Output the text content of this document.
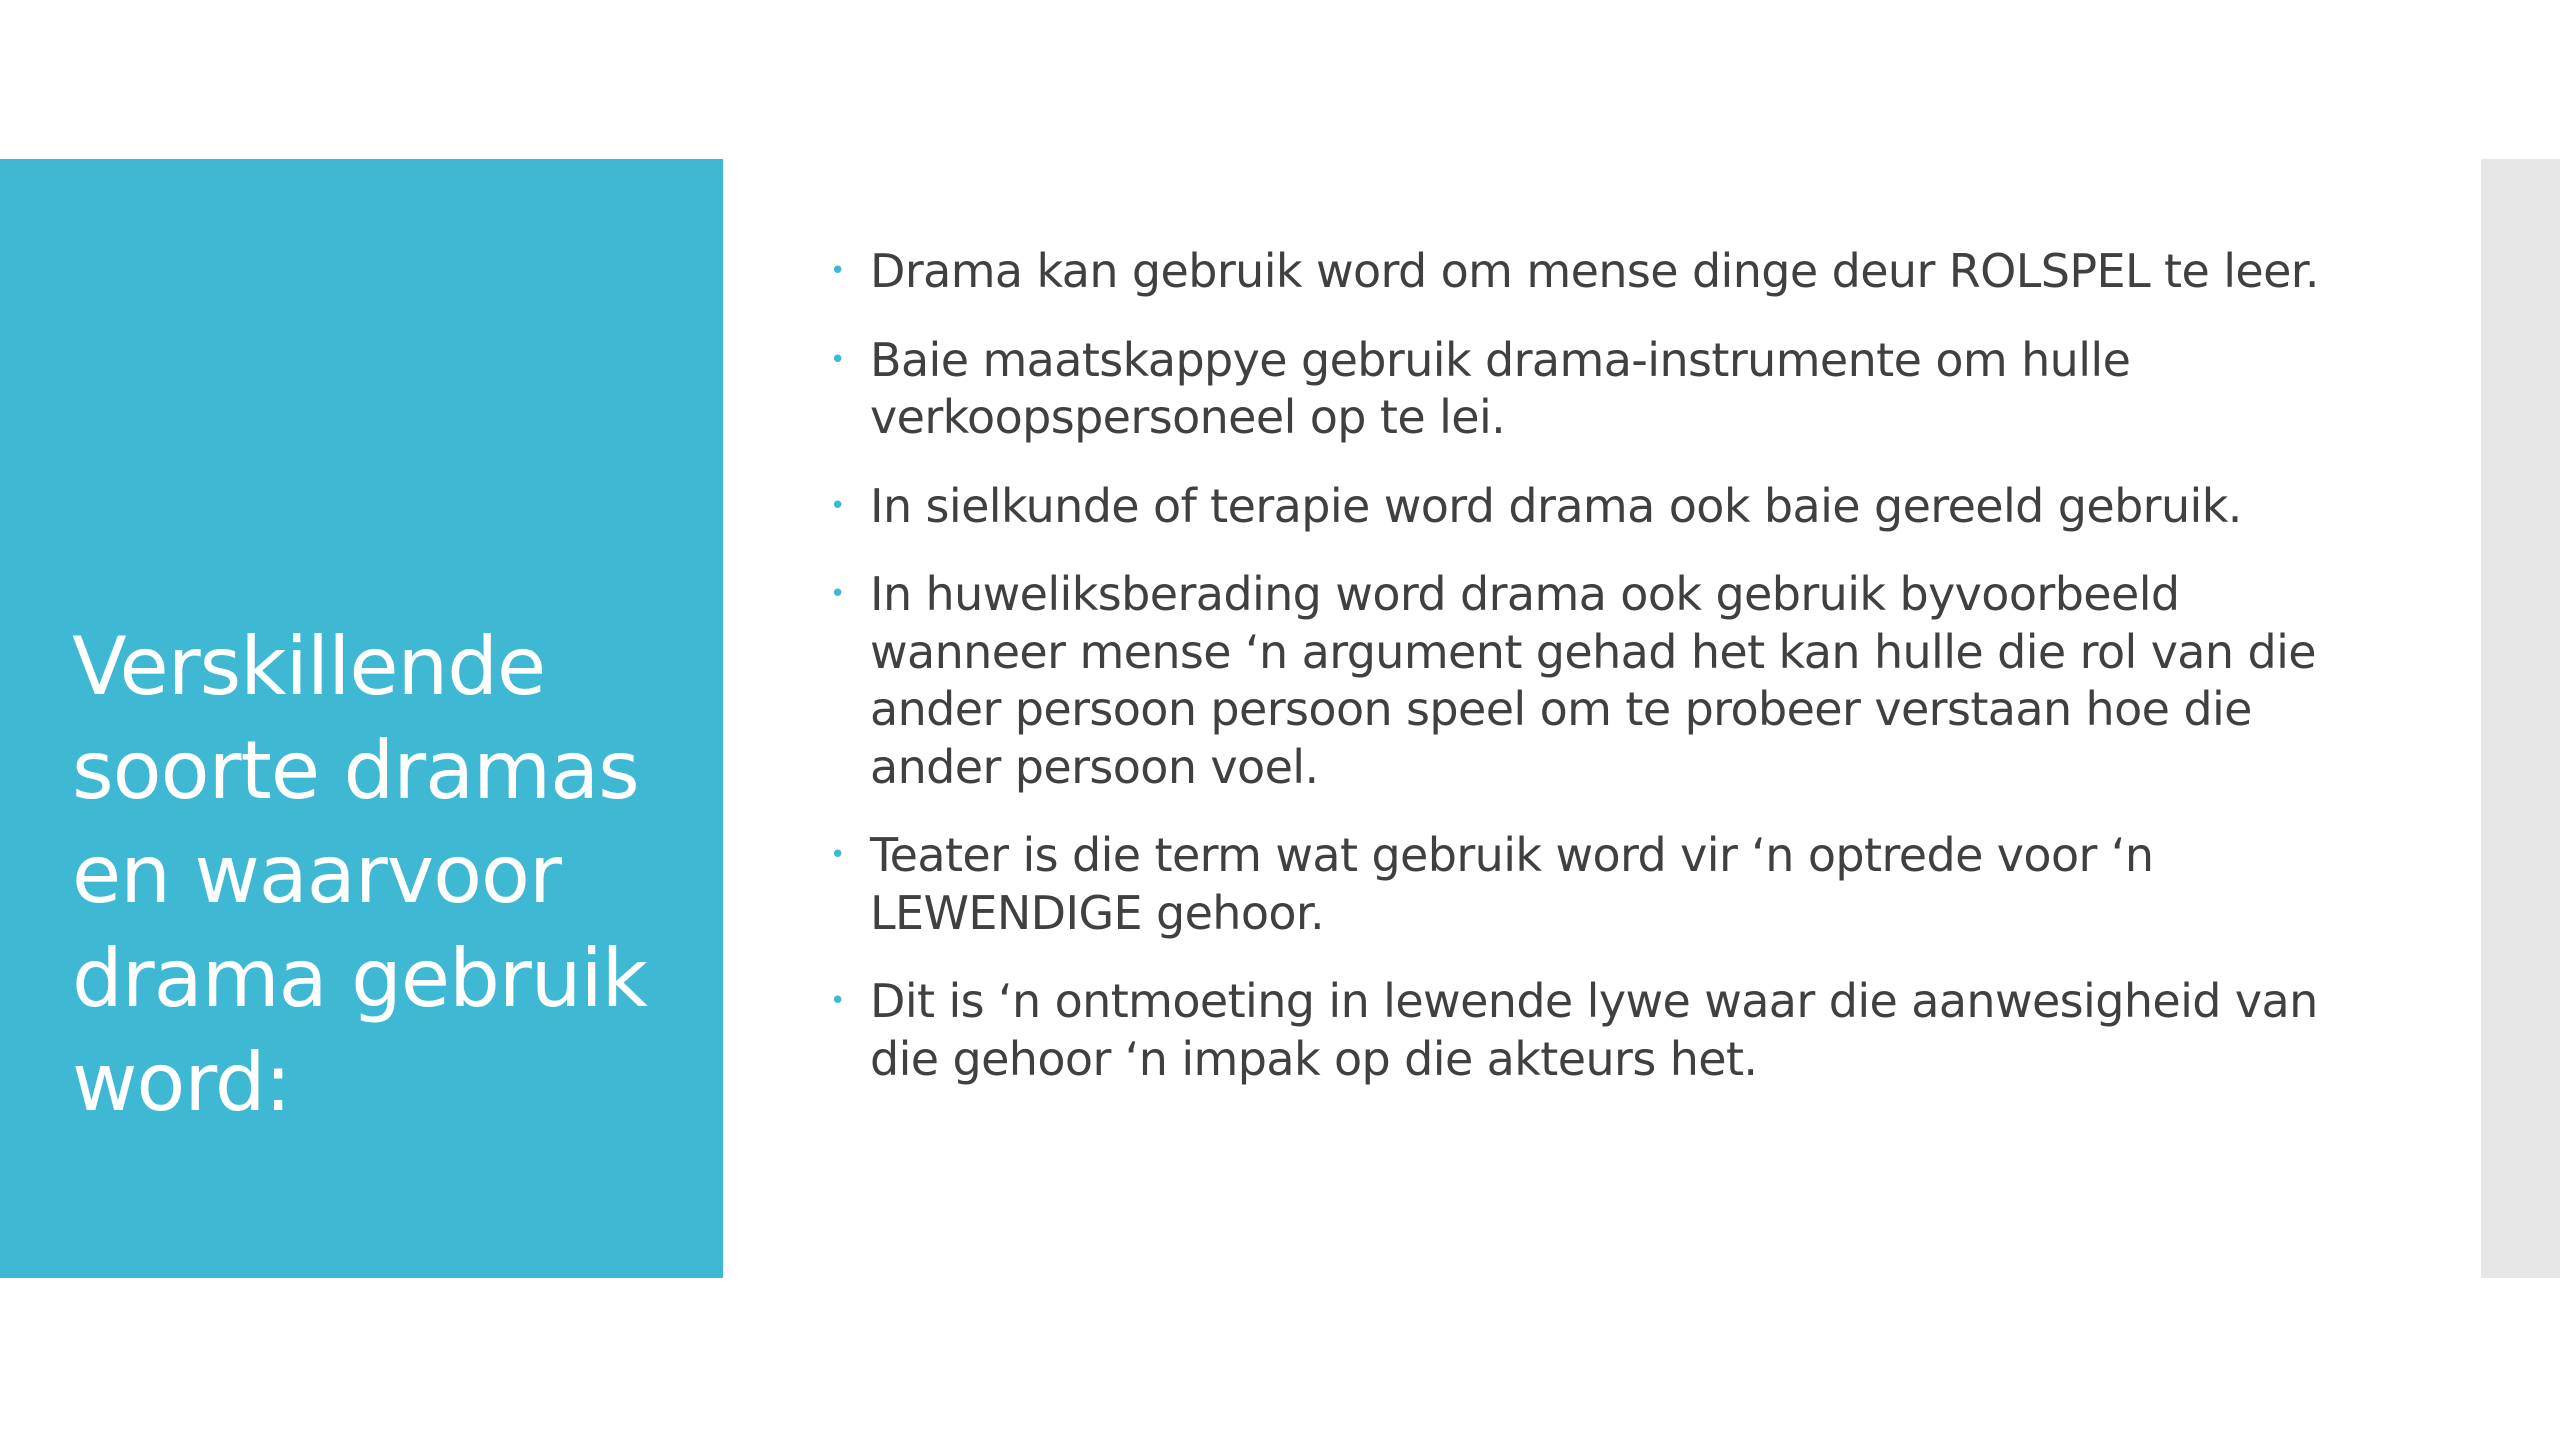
Verskillende
soorte dramas
en waarvoor
drama gebruik
word:
• Drama kan gebruik word om mense dinge deur ROLSPEL te leer.
• Baie maatskappye gebruik drama-instrumente om hulle verkoopspersoneel op te lei.
• In sielkunde of terapie word drama ook baie gereeld gebruik.
• In huweliksberading word drama ook gebruik byvoorbeeld wanneer mense ‘n argument gehad het kan hulle die rol van die ander persoon persoon speel om te probeer verstaan hoe die ander persoon voel.
• Teater is die term wat gebruik word vir ‘n optrede voor ‘n LEWENDIGE gehoor.
• Dit is ‘n ontmoeting in lewende lywe waar die aanwesigheid van die gehoor ‘n impak op die akteurs het.
